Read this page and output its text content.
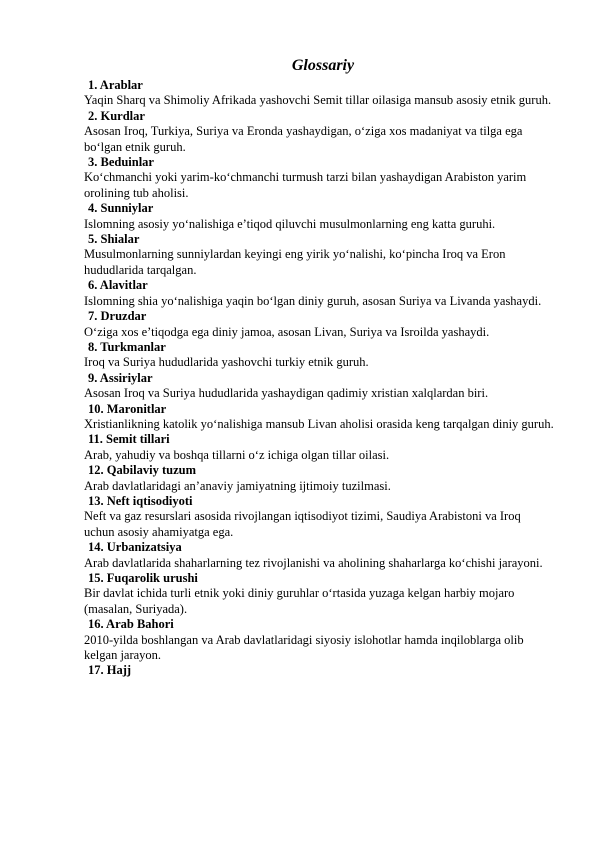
Glossariy
1. Arablar

Yaqin Sharq va Shimoliy Afrikada yashovchi Semit tillar oilasiga mansub asosiy etnik guruh.

2. Kurdlar

Asosan Iroq, Turkiya, Suriya va Eronda yashaydigan, o‘ziga xos madaniyat va tilga ega bo‘lgan etnik guruh.

3. Beduinlar

Ko‘chmanchi yoki yarim-ko‘chmanchi turmush tarzi bilan yashaydigan Arabiston yarim orolining tub aholisi.

4. Sunniylar

Islomning asosiy yo‘nalishiga e’tiqod qiluvchi musulmonlarning eng katta guruhi.

5. Shialar

Musulmonlarning sunniylardan keyingi eng yirik yo‘nalishi, ko‘pincha Iroq va Eron hududlarida tarqalgan.

6. Alavitlar

Islomning shia yo‘nalishiga yaqin bo‘lgan diniy guruh, asosan Suriya va Livanda yashaydi.

7. Druzdar

O‘ziga xos e’tiqodga ega diniy jamoa, asosan Livan, Suriya va Isroilda yashaydi.

8. Turkmanlar

Iroq va Suriya hududlarida yashovchi turkiy etnik guruh.

9. Assiriylar

Asosan Iroq va Suriya hududlarida yashaydigan qadimiy xristian xalqlardan biri.

10. Maronitlar

Xristianlikning katolik yo‘nalishiga mansub Livan aholisi orasida keng tarqalgan diniy guruh.

11. Semit tillari

Arab, yahudiy va boshqa tillarni o‘z ichiga olgan tillar oilasi.

12. Qabilaviy tuzum

Arab davlatlaridagi an’anaviy jamiyatning ijtimoiy tuzilmasi.

13. Neft iqtisodiyoti

Neft va gaz resurslari asosida rivojlangan iqtisodiyot tizimi, Saudiya Arabistoni va Iroq uchun asosiy ahamiyatga ega.

14. Urbanizatsiya

Arab davlatlarida shaharlarning tez rivojlanishi va aholining shaharlarga ko‘chishi jarayoni.

15. Fuqarolik urushi

Bir davlat ichida turli etnik yoki diniy guruhlar o‘rtasida yuzaga kelgan harbiy mojaro (masalan, Suriyada).

16. Arab Bahori

2010-yilda boshlangan va Arab davlatlaridagi siyosiy islohotlar hamda inqiloblarga olib kelgan jarayon.

17. Hajj
